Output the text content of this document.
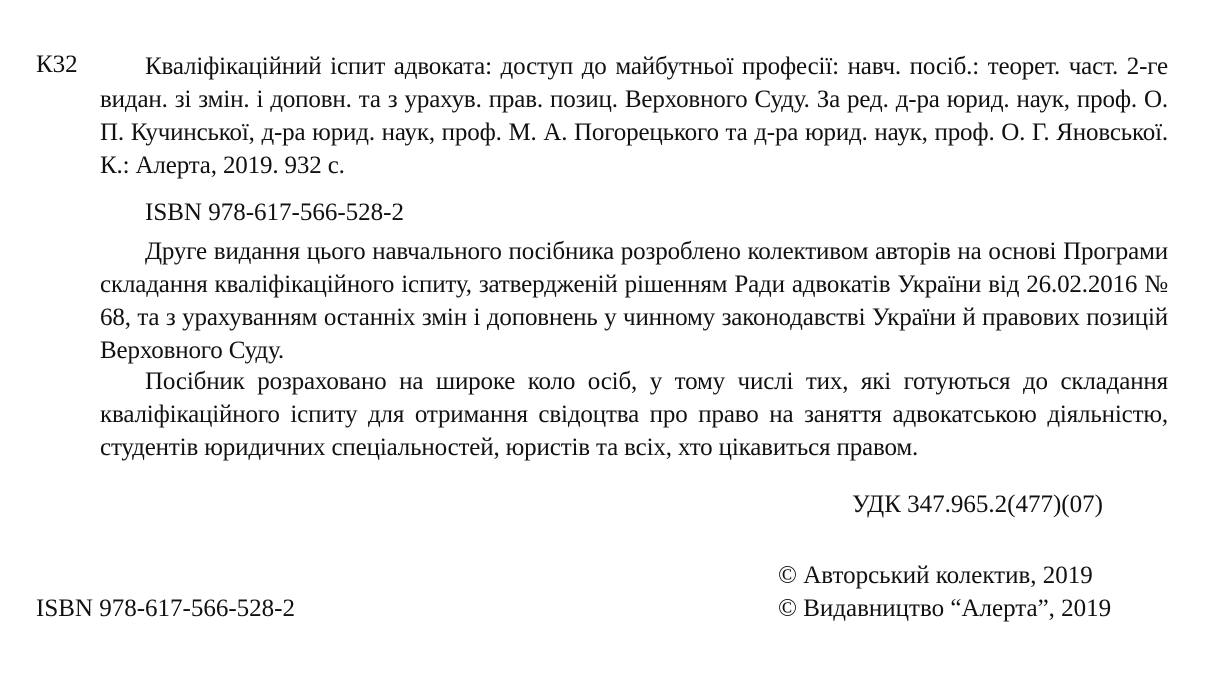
К32	Кваліфікаційний іспит адвоката: доступ до майбутньої професії: навч. посіб.: теорет. част. 2-ге видан. зі змін. і доповн. та з урахув. прав. позиц. Верховного Суду. За ред. д-ра юрид. наук, проф. О. П. Кучинської, д-ра юрид. наук, проф. М. А. Погорецького та д-ра юрид. наук, проф. О. Г. Яновської. К.: Алерта, 2019. 932 с.
ISBN 978-617-566-528-2
Друге видання цього навчального посібника розроблено колективом авторів на основі Програми складання кваліфікаційного іспиту, затвердженій рішенням Ради адвокатів України від 26.02.2016 № 68, та з урахуванням останніх змін і доповнень у чинному законодавстві України й правових позицій Верховного Суду.
Посібник розраховано на широке коло осіб, у тому числі тих, які готуються до складання кваліфікаційного іспиту для отримання свідоцтва про право на заняття адвокатською діяльністю, студентів юридичних спеціальностей, юристів та всіх, хто цікавиться правом.
УДК 347.965.2(477)(07)
ISBN 978-617-566-528-2
© Авторський колектив, 2019
© Видавництво “Алерта”, 2019
